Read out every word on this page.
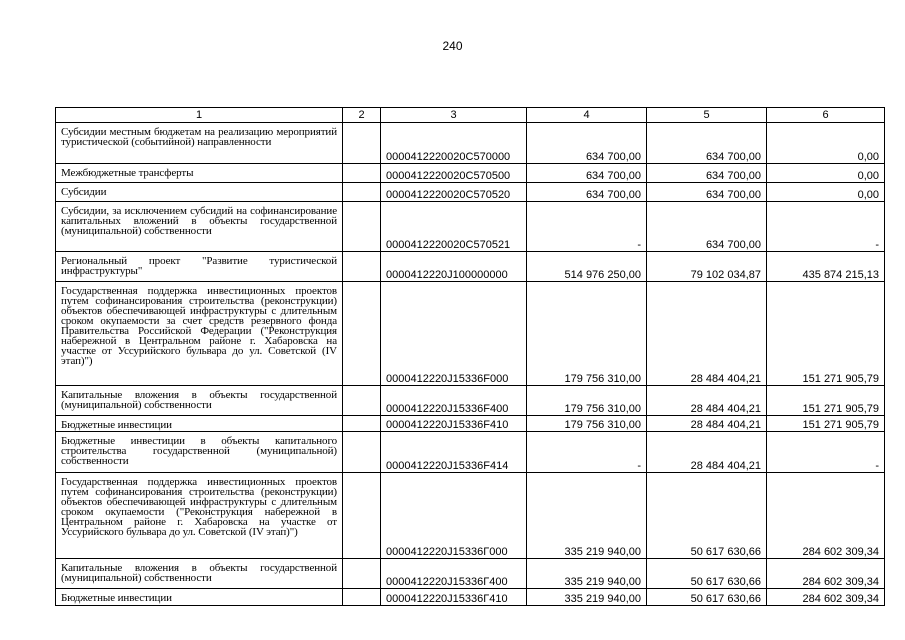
240
1	2	3	4	5	6
Субсидии местным бюджетам на реализацию мероприятий туристической (событийной) направленности		0000412220020С570000	634 700,00	634 700,00	0,00
Межбюджетные трансферты		0000412220020С570500	634 700,00	634 700,00	0,00
Субсидии		0000412220020С570520	634 700,00	634 700,00	0,00
Субсидии, за исключением субсидий на софинансирование капитальных вложений в объекты государственной (муниципальной) собственности		0000412220020С570521	-	634 700,00	-
Региональный проект "Развитие туристической инфраструктуры"		0000412220J100000000	514 976 250,00	79 102 034,87	435 874 215,13
Государственная поддержка инвестиционных проектов путем софинансирования строительства (реконструкции) объектов обеспечивающей инфраструктуры с длительным сроком окупаемости за счет средств резервного фонда Правительства Российской Федерации ("Реконструкция набережной в Центральном районе г. Хабаровска на участке от Уссурийского бульвара до ул. Советской (IV этап)")		0000412220J15336F000	179 756 310,00	28 484 404,21	151 271 905,79
Капитальные вложения в объекты государственной (муниципальной) собственности		0000412220J15336F400	179 756 310,00	28 484 404,21	151 271 905,79
Бюджетные инвестиции		0000412220J15336F410	179 756 310,00	28 484 404,21	151 271 905,79
Бюджетные инвестиции в объекты капитального строительства государственной (муниципальной) собственности		0000412220J15336F414	-	28 484 404,21	-
Государственная поддержка инвестиционных проектов путем софинансирования строительства (реконструкции) объектов обеспечивающей инфраструктуры с длительным сроком окупаемости ("Реконструкция набережной в Центральном районе г. Хабаровска на участке от Уссурийского бульвара до ул. Советской (IV этап)")		0000412220J15336Г000	335 219 940,00	50 617 630,66	284 602 309,34
Капитальные вложения в объекты государственной (муниципальной) собственности		0000412220J15336Г400	335 219 940,00	50 617 630,66	284 602 309,34
Бюджетные инвестиции		0000412220J15336Г410	335 219 940,00	50 617 630,66	284 602 309,34
